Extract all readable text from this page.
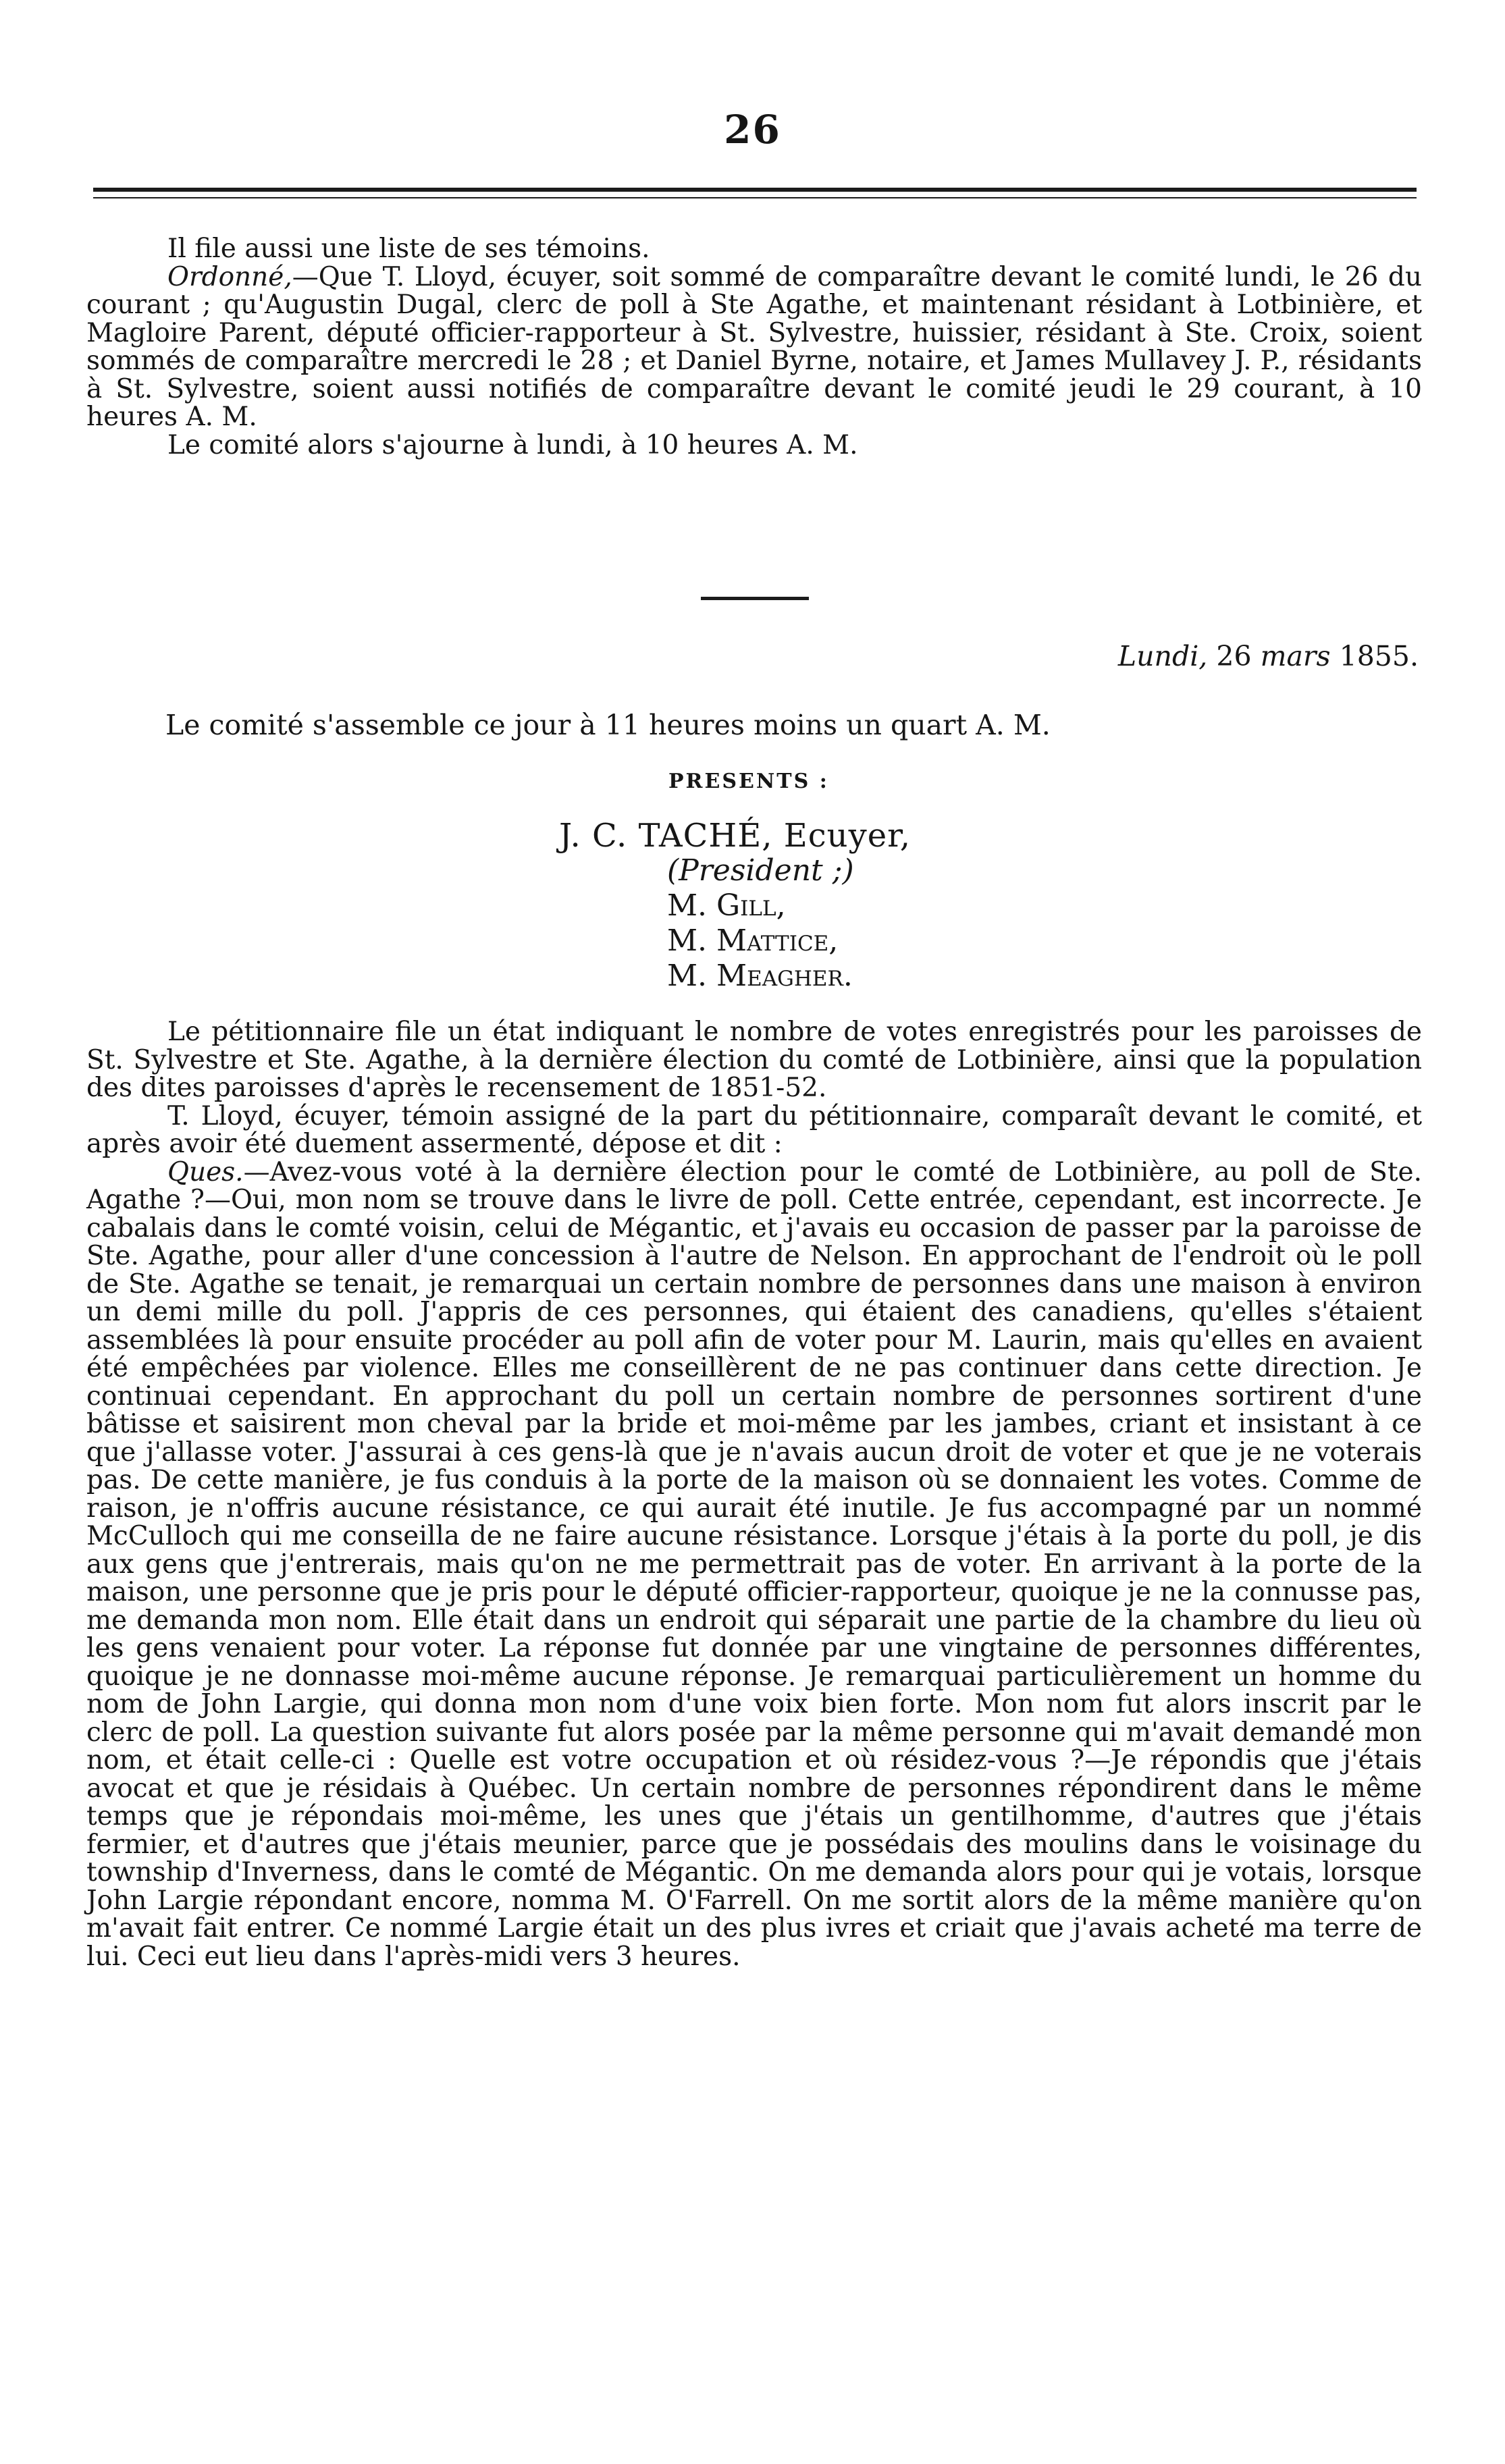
26

Il file aussi une liste de ses témoins.

Ordonné,—Que T. Lloyd, écuyer, soit sommé de comparaître devant le comité lundi, le 26 du courant ; qu'Augustin Dugal, clerc de poll à Ste Agathe, et maintenant résidant à Lotbinière, et Magloire Parent, député officier-rapporteur à St. Sylvestre, huissier, résidant à Ste. Croix, soient sommés de comparaître mercredi le 28 ; et Daniel Byrne, notaire, et James Mullavey J. P., résidants à St. Sylvestre, soient aussi notifiés de comparaître devant le comité jeudi le 29 courant, à 10 heures A. M.

Le comité alors s'ajourne à lundi, à 10 heures A. M.

Lundi, 26 mars 1855.
Le comité s'assemble ce jour à 11 heures moins un quart A. M.
PRESENTS :
J. C. TACHÉ, Ecuyer,
(President ;)
M. Gill,
M. Mattice,
M. Meagher.

Le pétitionnaire file un état indiquant le nombre de votes enregistrés pour les paroisses de St. Sylvestre et Ste. Agathe, à la dernière élection du comté de Lotbinière, ainsi que la population des dites paroisses d'après le recensement de 1851-52.

T. Lloyd, écuyer, témoin assigné de la part du pétitionnaire, comparaît devant le comité, et après avoir été duement assermenté, dépose et dit :

Ques.—Avez-vous voté à la dernière élection pour le comté de Lotbinière, au poll de Ste. Agathe ?—Oui, mon nom se trouve dans le livre de poll. Cette entrée, cependant, est incorrecte. Je cabalais dans le comté voisin, celui de Mégantic, et j'avais eu occasion de passer par la paroisse de Ste. Agathe, pour aller d'une concession à l'autre de Nelson. En approchant de l'endroit où le poll de Ste. Agathe se tenait, je remarquai un certain nombre de personnes dans une maison à environ un demi mille du poll. J'appris de ces personnes, qui étaient des canadiens, qu'elles s'étaient assemblées là pour ensuite procéder au poll afin de voter pour M. Laurin, mais qu'elles en avaient été empêchées par violence. Elles me conseillèrent de ne pas continuer dans cette direction. Je continuai cependant. En approchant du poll un certain nombre de personnes sortirent d'une bâtisse et saisirent mon cheval par la bride et moi-même par les jambes, criant et insistant à ce que j'allasse voter. J'assurai à ces gens-là que je n'avais aucun droit de voter et que je ne voterais pas. De cette manière, je fus conduis à la porte de la maison où se donnaient les votes. Comme de raison, je n'offris aucune résistance, ce qui aurait été inutile. Je fus accompagné par un nommé McCulloch qui me conseilla de ne faire aucune résistance. Lorsque j'étais à la porte du poll, je dis aux gens que j'entrerais, mais qu'on ne me permettrait pas de voter. En arrivant à la porte de la maison, une personne que je pris pour le député officier-rapporteur, quoique je ne la connusse pas, me demanda mon nom. Elle était dans un endroit qui séparait une partie de la chambre du lieu où les gens venaient pour voter. La réponse fut donnée par une vingtaine de personnes différentes, quoique je ne donnasse moi-même aucune réponse. Je remarquai particulièrement un homme du nom de John Largie, qui donna mon nom d'une voix bien forte. Mon nom fut alors inscrit par le clerc de poll. La question suivante fut alors posée par la même personne qui m'avait demandé mon nom, et était celle-ci : Quelle est votre occupation et où résidez-vous ?—Je répondis que j'étais avocat et que je résidais à Québec. Un certain nombre de personnes répondirent dans le même temps que je répondais moi-même, les unes que j'étais un gentilhomme, d'autres que j'étais fermier, et d'autres que j'étais meunier, parce que je possédais des moulins dans le voisinage du township d'Inverness, dans le comté de Mégantic. On me demanda alors pour qui je votais, lorsque John Largie répondant encore, nomma M. O'Farrell. On me sortit alors de la même manière qu'on m'avait fait entrer. Ce nommé Largie était un des plus ivres et criait que j'avais acheté ma terre de lui. Ceci eut lieu dans l'après-midi vers 3 heures.
